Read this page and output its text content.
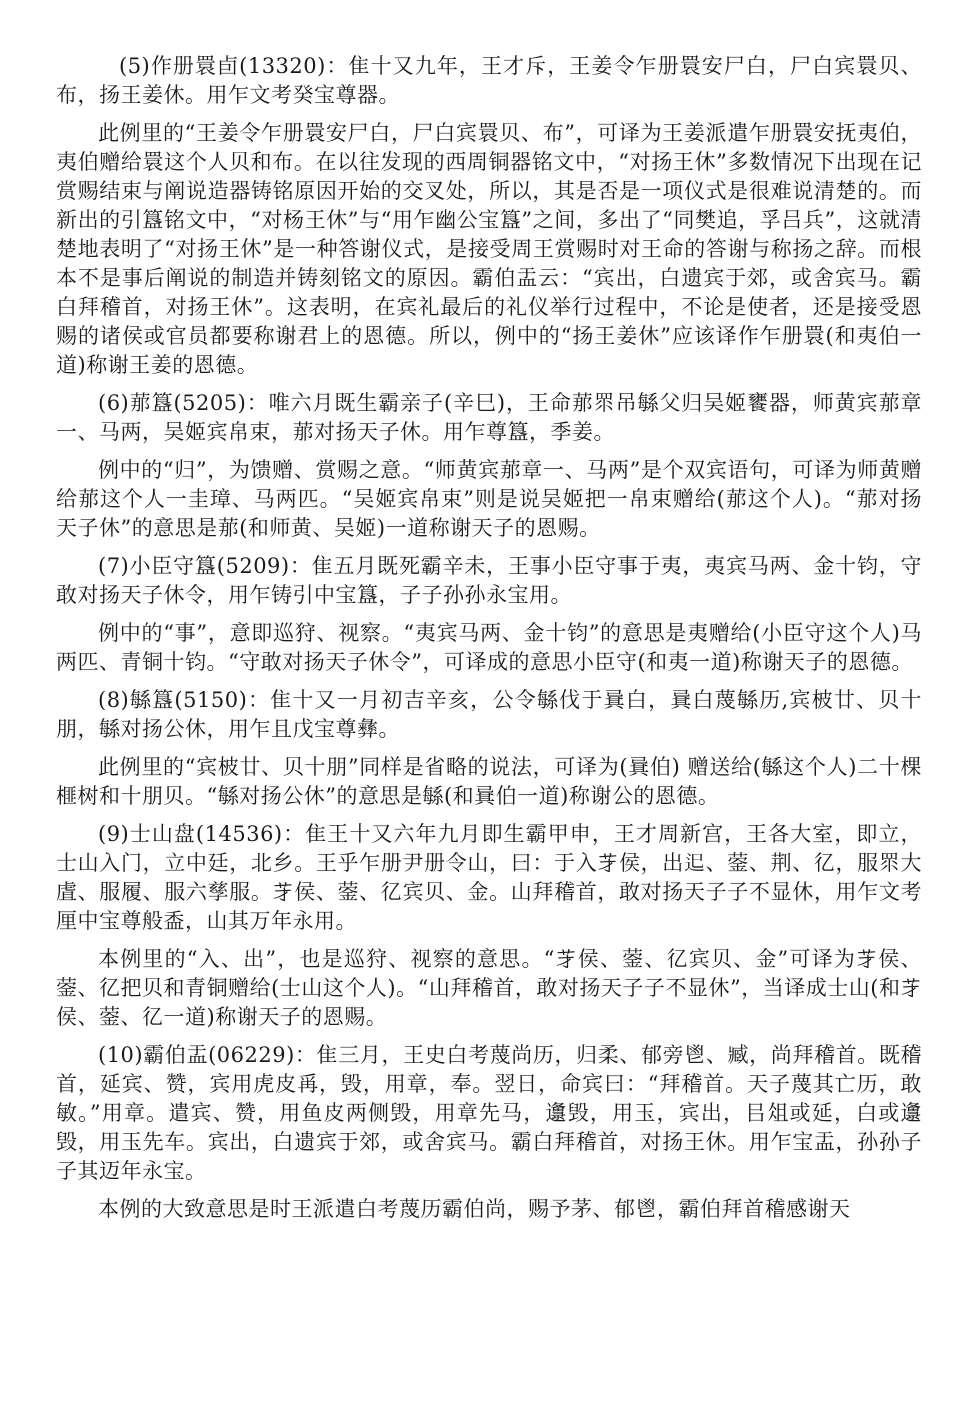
(5)作册睘卣(13320)：隹十又九年，王才斥，王姜令乍册睘安尸白，尸白宾睘贝、布，扬王姜休。用乍文考癸宝尊器。

此例里的“王姜令乍册睘安尸白，尸白宾睘贝、布”，可译为王姜派遣乍册睘安抚夷伯，夷伯赠给睘这个人贝和布。在以往发现的西周铜器铭文中，“对扬王休”多数情况下出现在记赏赐结束与阐说造器铸铭原因开始的交叉处，所以，其是否是一项仪式是很难说清楚的。而新出的引簋铭文中，“对杨王休”与“用乍幽公宝簋”之间，多出了“同樊追，孚吕兵”，这就清楚地表明了“对扬王休”是一种答谢仪式，是接受周王赏赐时对王命的答谢与称扬之辞。而根本不是事后阐说的制造并铸刻铭文的原因。霸伯盂云：“宾出，白遗宾于郊，或舍宾马。霸白拜稽首，对扬王休”。这表明，在宾礼最后的礼仪举行过程中，不论是使者，还是接受恩赐的诸侯或官员都要称谢君上的恩德。所以，例中的“扬王姜休”应该译作乍册睘(和夷伯一道)称谢王姜的恩德。

(6)𦰡簋(5205)：唯六月既生霸亲子(辛巳)，王命𦰡眔吊緐父归吴姬饔器，师黄宾𦰡章一、马两，吴姬宾帛束，𦰡对扬天子休。用乍尊簋，季姜。

例中的“归”，为馈赠、赏赐之意。“师黄宾𦰡章一、马两”是个双宾语句，可译为师黄赠给𦰡这个人一圭璋、马两匹。“吴姬宾帛束”则是说吴姬把一帛束赠给(𦰡这个人)。“𦰡对扬天子休”的意思是𦰡(和师黄、吴姬)一道称谢天子的恩赐。

(7)小臣守簋(5209)：隹五月既死霸辛未，王事小臣守事于夷，夷宾马两、金十钧，守敢对扬天子休令，用乍铸引中宝簋，子子孙孙永宝用。

例中的“事”，意即巡狩、视察。“夷宾马两、金十钧”的意思是夷赠给(小臣守这个人)马两匹、青铜十钧。“守敢对扬天子休令”，可译成的意思小臣守(和夷一道)称谢天子的恩德。

(8)緐簋(5150)：隹十又一月初吉辛亥，公令緐伐于㠱白，㠱白蔑緐历,宾柀廿、贝十朋，緐对扬公休，用乍且戊宝尊彝。

此例里的“宾柀廿、贝十朋”同样是省略的说法，可译为(㠱伯) 赠送给(緐这个人)二十棵榧树和十朋贝。“緐对扬公休”的意思是緐(和㠱伯一道)称谢公的恩德。

(9)士山盘(14536)：隹王十又六年九月即生霸甲申，王才周新宫，王各大室，即立，士山入门，立中廷，北乡。王乎乍册尹册令山，曰：于入𦬁侯，出𨑓、蓥、荆、𢒼，服眔大虘、服履、服六孳服。𦬁侯、蓥、𢒼宾贝、金。山拜稽首，敢对扬天子子不显休，用乍文考厘中宝尊般盉，山其万年永用。

本例里的“入、出”，也是巡狩、视察的意思。“𦬁侯、蓥、𢒼宾贝、金”可译为𦬁侯、蓥、𢒼把贝和青铜赠给(士山这个人)。“山拜稽首，敢对扬天子子不显休”，当译成士山(和𦬁侯、蓥、𢒼一道)称谢天子的恩赐。

(10)霸伯盂(06229)：隹三月，王史白考蔑尚历，归柔、郁旁鬯、臧，尚拜稽首。既稽首，延宾、赞，宾用虎皮爯，毁，用章，奉。翌日，命宾曰：“拜稽首。天子蔑其亡历，敢敏。”用章。遣宾、赞，用鱼皮两侧毁，用章先马，邍毁，用玉，宾出，㠯俎或延，白或邍毁，用玉先车。宾出，白遗宾于郊，或舍宾马。霸白拜稽首，对扬王休。用乍宝盂，孙孙子子其迈年永宝。

本例的大致意思是时王派遣白考蔑历霸伯尚，赐予茅、郁鬯，霸伯拜首稽感谢天
